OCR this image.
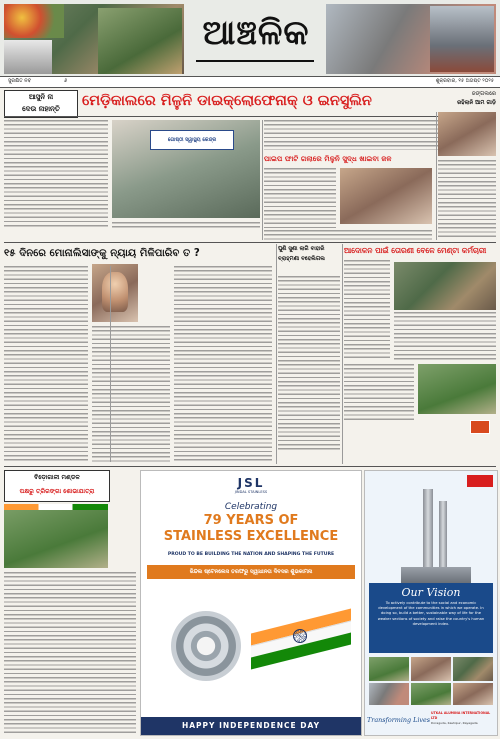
ଆଞ୍ଚଳିକ
ସୁରକ୍ଷିତ ନବ	୬	ଶୁକ୍ରବାର, ୧୫ ଅଗଷ୍ଟ ୨୦୨୫
ଆସୁନି ନା
ଦେଉ ନାହାନ୍ତି	ମେଡ଼ିକାଲରେ ମିଳୁନି ଡାଇକ୍ଲୋଫେନାକ୍ ଓ ଇନସୁଲିନ	ଜଙ୍ଗଲରେ
ରହିଲାନି ଆମ ଗାଡ଼ି
ଗୋଷ୍ଠୀ ସ୍ୱାସ୍ଥ୍ୟ କେନ୍ଦ୍ର
ପାଇପ ଫାଟି ଗଲାରେ ମିଳୁନି ସୁଦ୍ଧ ଖାଇବା ଜଳ
୧୫ ଦିନରେ ମୋନାଲିସାଙ୍କୁ ନ୍ୟାୟ ମିଳିପାରିବ ତ ?	ପୁଣି ସୁଣା ଲାଗି ବାହାରି ବ୍ରାହ୍ମଣୀ ବହେଲିଗଲ
ଆଦୋଳନ ପାଇଁ ତୋରଣୀ ବେଳେ ମେଣ୍ଟା କର୍ମଚାରୀ
ବିଡ଼ୋଗାଳୀ ମଣ୍ଡଳ
ପକ୍ଷରୁ ତ୍ରିରଙ୍ଗା ଶୋଭାଯାତ୍ରା
JSL
JINDAL STAINLESS
Celebrating
79 YEARS OF
STAINLESS EXCELLENCE
PROUD TO BE BUILDING THE NATION AND SHAPING THE FUTURE
ଜିନ୍ଦଲ ଷ୍ଟେନଲେସ ତରଫରୁ ସ୍ୱାଧୀନତା ଦିବସର ଶୁଭକାମନା
HAPPY INDEPENDENCE DAY
Our Vision
To actively contribute to the social and economic development of the communities in which we operate. In doing so, build a better, sustainable way of life for the weaker sections of society and raise the country's human development index.
Transforming Lives
UTKAL ALUMINA INTERNATIONAL LTD
Doraguda, Kashipur, Rayagada
